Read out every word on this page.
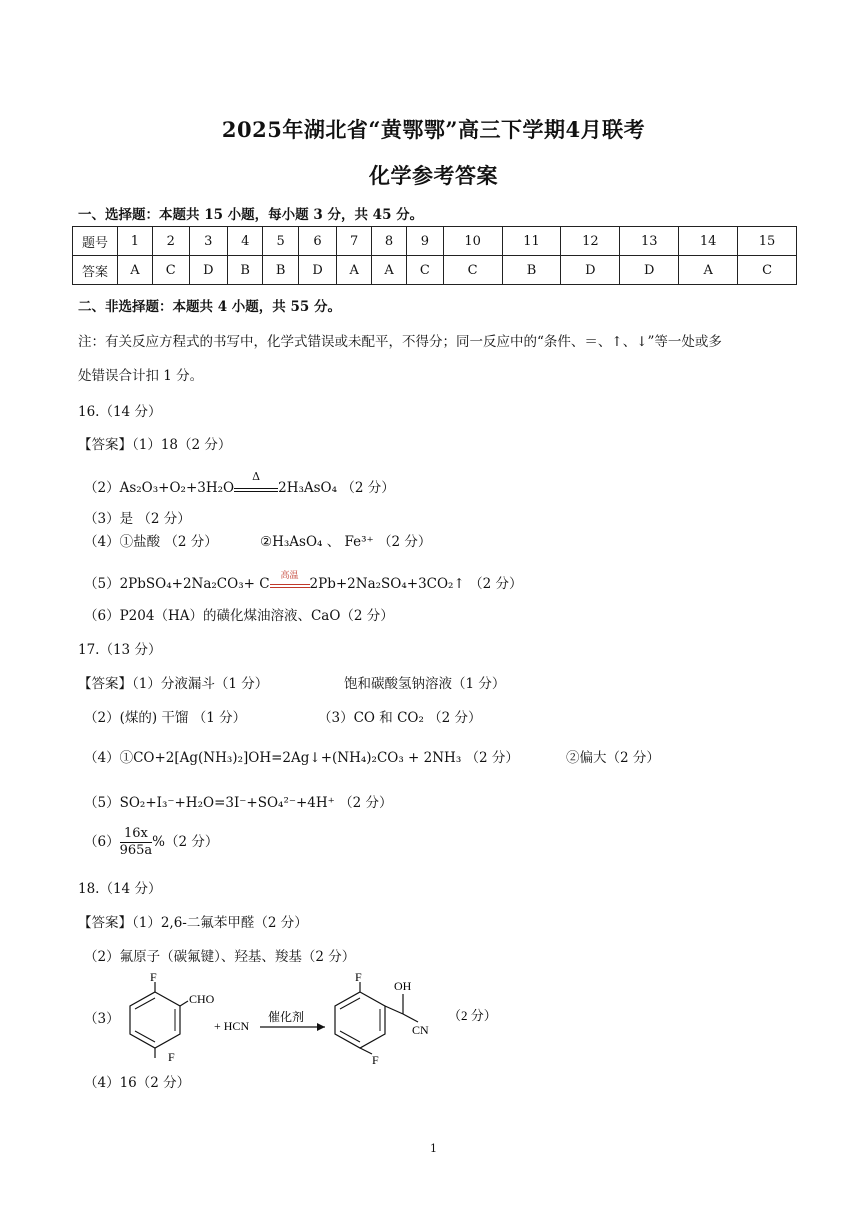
2025年湖北省“黄鄂鄂”高三下学期4月联考
化学参考答案
一、选择题：本题共 15 小题，每小题 3 分，共 45 分。
题号	1	2	3	4	5	6	7	8	9	10	11	12	13	14	15
答案	A	C	D	B	B	D	A	A	C	C	B	D	D	A	C
二、非选择题：本题共 4 小题，共 55 分。
注：有关反应方程式的书写中，化学式错误或未配平，不得分；同一反应中的“条件、＝、↑、↓”等一处或多
处错误合计扣 1 分。
16.（14 分）
【答案】（1）18（2 分）
（2）As₂O₃+O₂+3H₂O
Δ
2H₃AsO₄ （2 分）
（3）是 （2 分）
（4）①盐酸 （2 分）	②H₃AsO₄ 、 Fe³⁺ （2 分）
（5）2PbSO₄+2Na₂CO₃+ C
高温
2Pb+2Na₂SO₄+3CO₂↑ （2 分）
（6）P204（HA）的磺化煤油溶液、CaO（2 分）
17.（13 分）
【答案】（1）分液漏斗（1 分）	饱和碳酸氢钠溶液（1 分）
（2）(煤的) 干馏 （1 分）	（3）CO 和 CO₂ （2 分）
（4）①CO+2[Ag(NH₃)₂]OH=2Ag↓+(NH₄)₂CO₃ + 2NH₃ （2 分）	②偏大（2 分）
（5）SO₂+I₃⁻+H₂O=3I⁻+SO₄²⁻+4H⁺ （2 分）
$(6) \frac{16x}{965a} \%(2$ 分）
18.（14 分）
【答案】（1）2,6-二氟苯甲醛（2 分）
（2）氟原子（碳氟键）、羟基、羧基（2 分）
（3）
F
CHO
F
+ HCN
催化剂
F
OH
CN
F
（2 分）
（4）16（2 分）
1
